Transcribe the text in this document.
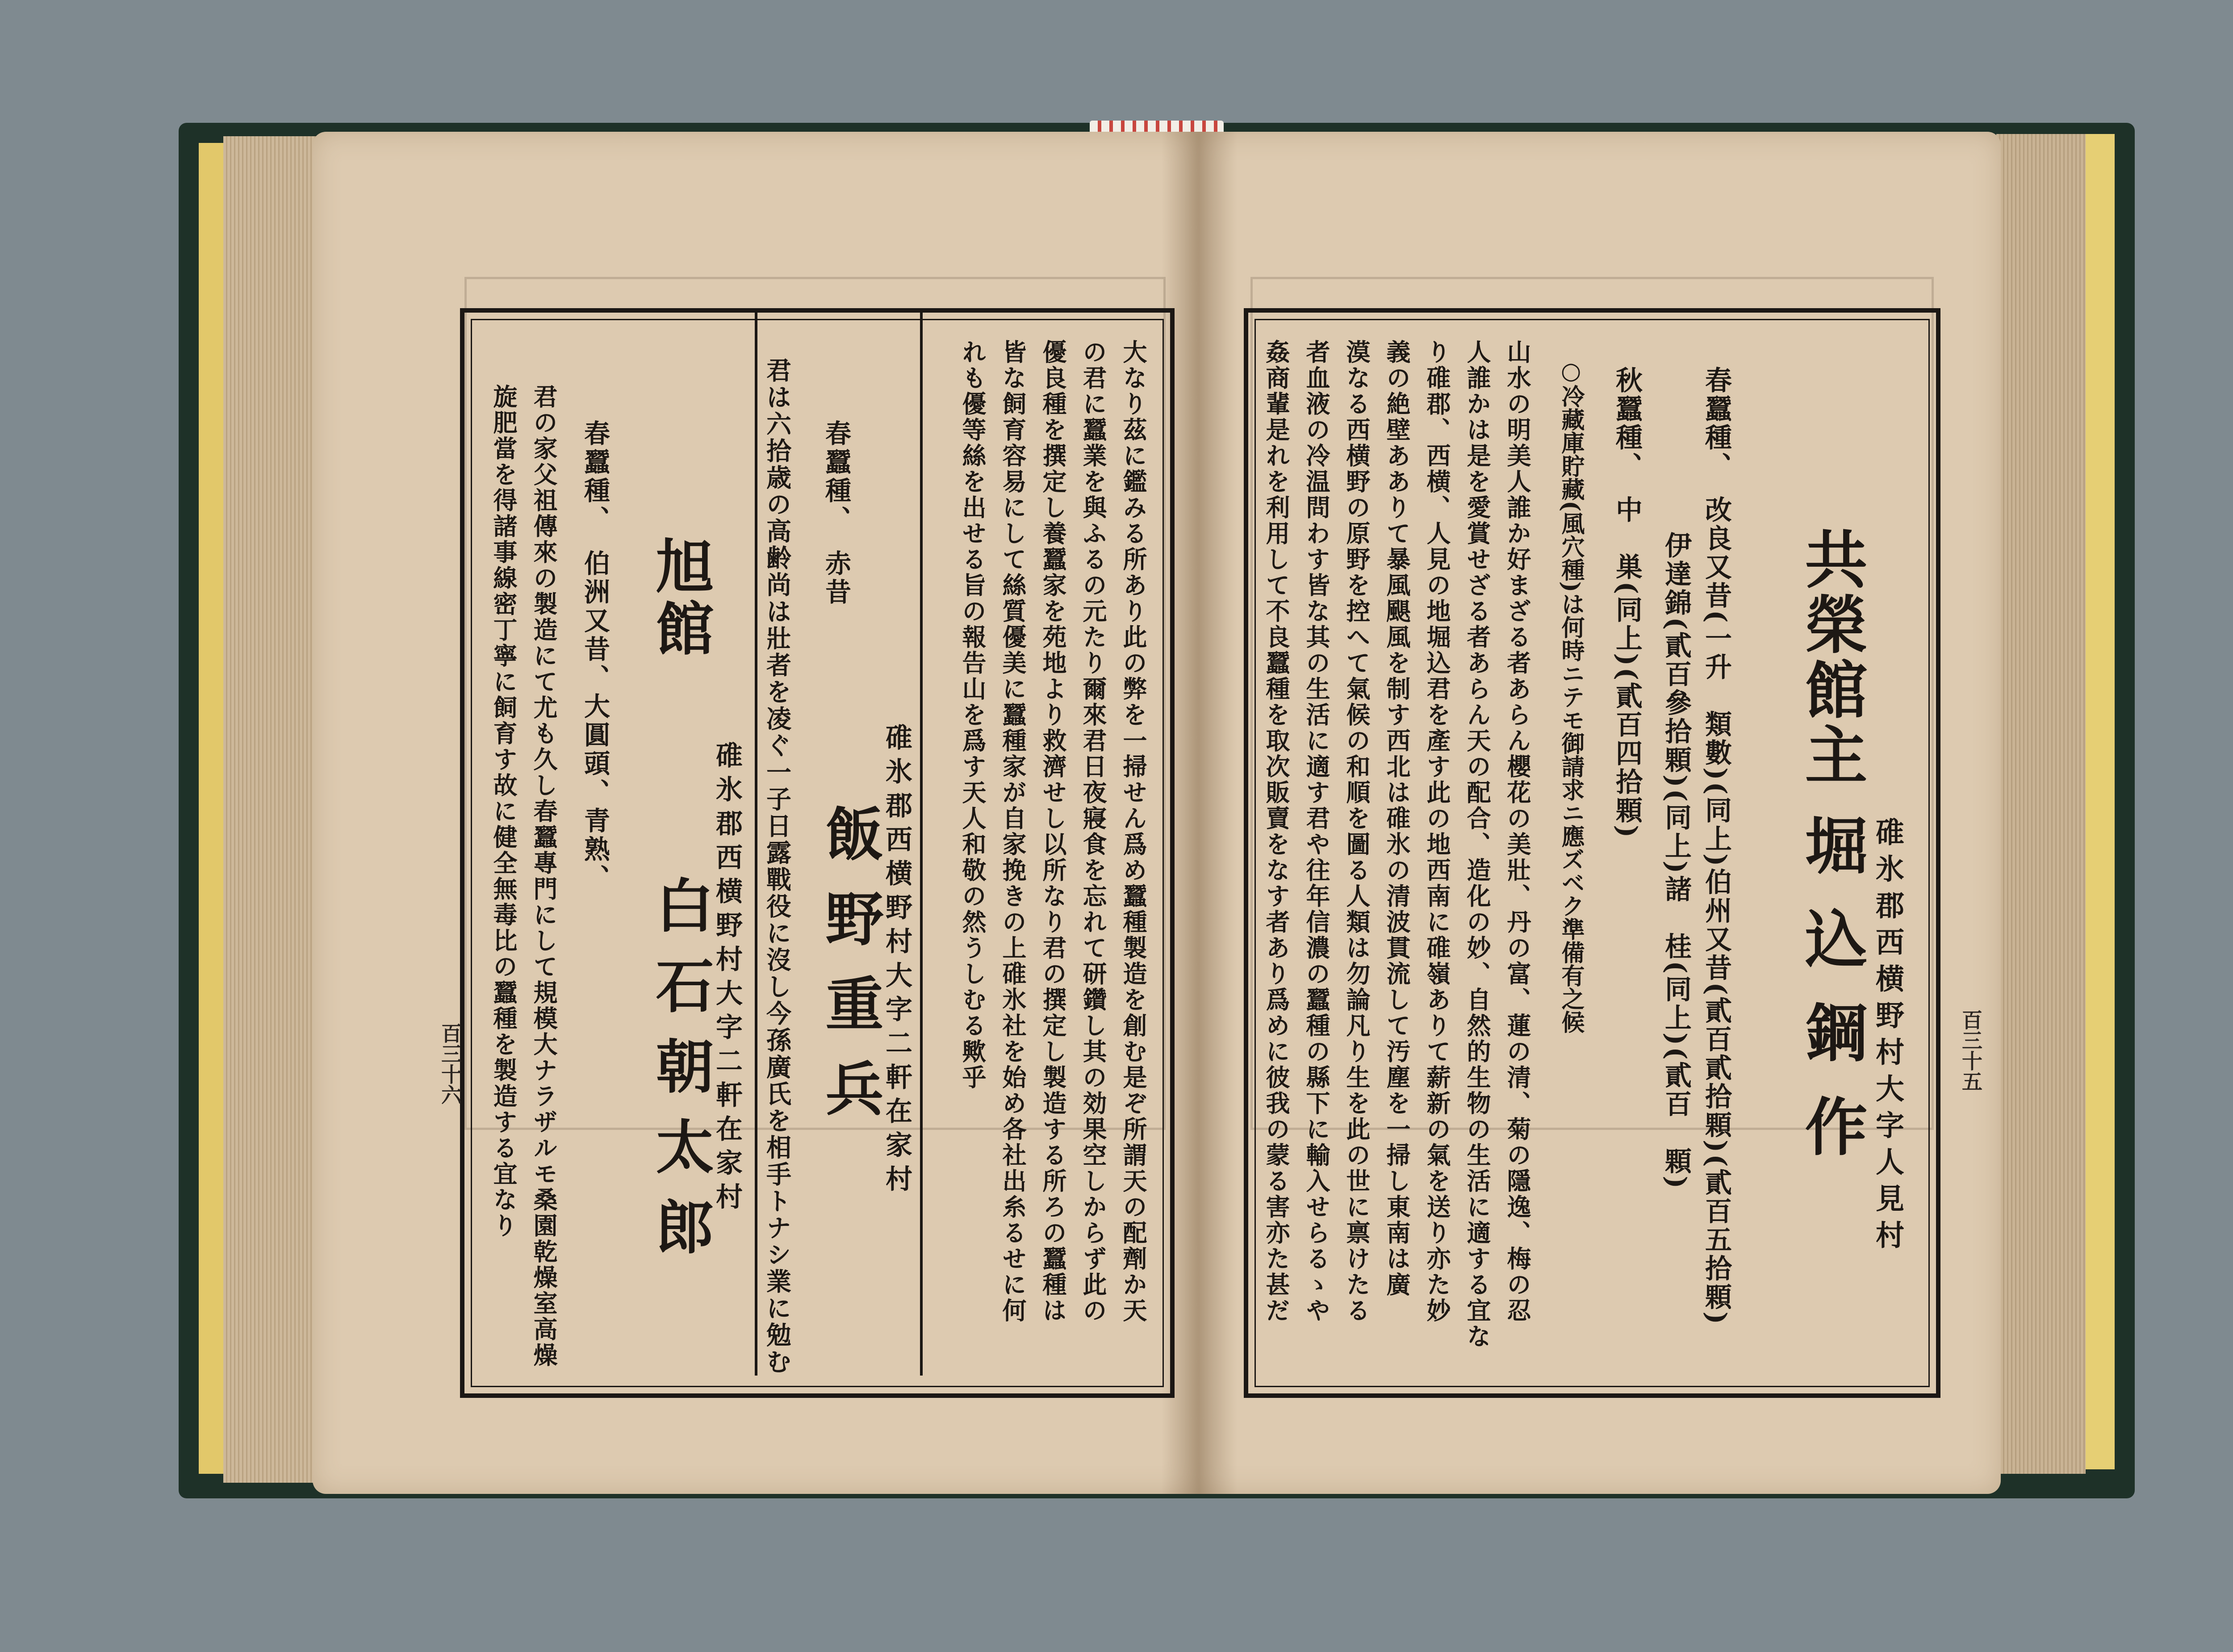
百三十五
碓氷郡西横野村大字人見村
共榮館主
堀込鋼作
春蠶種、　改良又昔(一升　類數)(同上)伯州又昔(貳百貳拾顆)(貳百五拾顆)
伊達錦(貳百參拾顆)(同上)諸　桂(同上)(貳百　顆)
秋蠶種、　中　巣(同上)(貳百四拾顆)
○冷藏庫貯藏(風穴種)は何時ニテモ御請求ニ應ズベク準備有之候
山水の明美人誰か好まざる者あらん櫻花の美壯、丹の富、蓮の清、菊の隱逸、梅の忍
人誰かは是を愛賞せざる者あらん天の配合、造化の妙、自然的生物の生活に適する宜な
り碓郡、西横、人見の地堀込君を產す此の地西南に碓嶺ありて薪新の氣を送り亦た妙
義の絶壁あありて暴風颶風を制す西北は碓氷の清波貫流して汚塵を一掃し東南は廣
漠なる西横野の原野を控へて氣候の和順を圖る人類は勿論凡り生を此の世に禀けたる
者血液の冷温問わす皆な其の生活に適す君や往年信濃の蠶種の縣下に輸入せらるゝや
姦商輩是れを利用して不良蠶種を取次販賣をなす者あり爲めに彼我の蒙る害亦た甚だ
百三十六	大なり茲に鑑みる所あり此の弊を一掃せん爲め蠶種製造を創む是ぞ所謂天の配劑か天
の君に蠶業を與ふるの元たり爾來君日夜寢食を忘れて研鑽し其の効果空しからず此の
優良種を撰定し養蠶家を苑地より救濟せし以所なり君の撰定し製造する所ろの蠶種は
皆な飼育容易にして絲質優美に蠶種家が自家挽きの上碓氷社を始め各社出糸るせに何
れも優等絲を出せる旨の報告山を爲す天人和敬の然うしむる歟乎
碓氷郡西横野村大字二軒在家村
飯野重兵
春蠶種、　赤昔
君は六拾歳の高齢尚は壯者を凌ぐ一子日露戰役に沒し今孫廣氏を相手トナシ業に勉む
碓氷郡西横野村大字二軒在家村
旭館
白石朝太郎
春蠶種、　伯洲又昔、大圓頭、青熟、
君の家父祖傳來の製造にて尤も久し春蠶專門にして規模大ナラザルモ桑園乾燥室高燥
旋肥當を得諸事線密丁寧に飼育す故に健全無毒比の蠶種を製造する宜なり
